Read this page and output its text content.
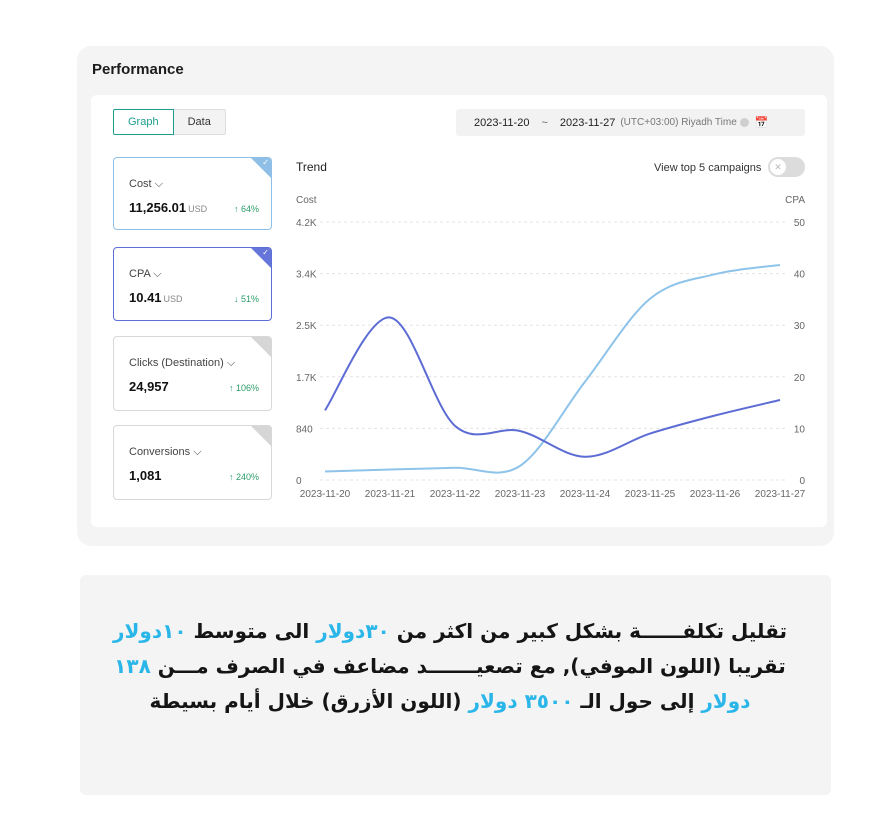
Performance
Graph	Data	2023-11-20 ~ 2023-11-27 (UTC+03:00) Riyadh Time 📅
✓
Cost ⌵
11,256.01 USD	↑ 64%
✓
CPA ⌵
10.41 USD	↓ 51%
Clicks (Destination) ⌵
24,957	↑ 106%
Conversions ⌵
1,081	↑ 240%
Trend	View top 5 campaigns	✕
0	0
840	10
1.7K	20
2.5K	30
3.4K	40
4.2K	50
Cost	CPA
2023-11-20 2023-11-21 2023-11-22 2023-11-23 2023-11-24 2023-11-25 2023-11-26 2023-11-27
تقليل تكلفــــــة بشكل كبير من اكثر من ٣٠دولار الى متوسط ١٠دولار تقريبا (اللون الموفي), مع تصعيـــــــد مضاعف في الصرف مـــن ١٣٨ دولار إلى حول الـ ٣٥٠٠ دولار (اللون الأزرق) خلال أيام بسيطة
